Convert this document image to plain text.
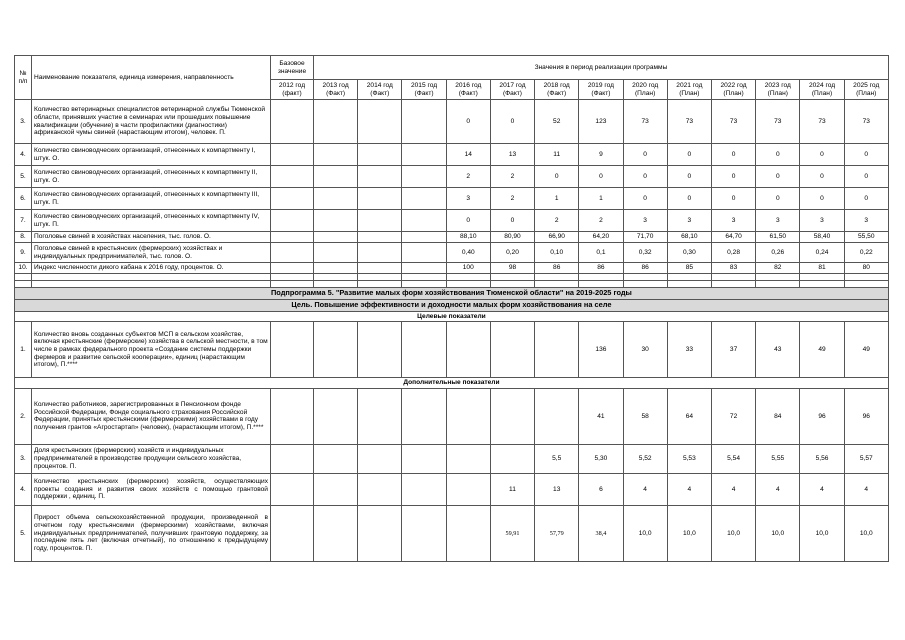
№ п/п	Наименование показателя, единица измерения, направленность	Базовое значение	Значения в период реализации программы												
		2012 год (факт)	2013 год (Факт)	2014 год (Факт)	2015 год (Факт)	2016 год (Факт)	2017 год (Факт)	2018 год (Факт)	2019 год (Факт)	2020 год (План)	2021 год (План)	2022 год (План)	2023 год (План)	2024 год (План)	2025 год (План)
3.	Количество ветеринарных специалистов ветеринарной службы Тюменской области, принявших участие в семинарах или прошедших повышение квалификации (обучение) в части профилактики (диагностики) африканской чумы свиней (нарастающим итогом), человек. П.					0	0	52	123	73	73	73	73	73	73
4.	Количество свиноводческих организаций, отнесенных к компартменту I, штук. О.					14	13	11	9	0	0	0	0	0	0
5.	Количество свиноводческих организаций, отнесенных к компартменту II, штук. О.					2	2	0	0	0	0	0	0	0	0
6.	Количество свиноводческих организаций, отнесенных к компартменту III, штук. П.					3	2	1	1	0	0	0	0	0	0
7.	Количество свиноводческих организаций, отнесенных к компартменту IV, штук. П.					0	0	2	2	3	3	3	3	3	3
8.	Поголовье свиней в хозяйствах населения, тыс. голов. О.					88,10	80,90	66,90	64,20	71,70	68,10	64,70	61,50	58,40	55,50
9.	Поголовье свиней в крестьянских (фермерских) хозяйствах и индивидуальных предпринимателей, тыс. голов. О.					0,40	0,20	0,10	0,1	0,32	0,30	0,28	0,26	0,24	0,22
10.	Индекс численности дикого кабана к 2016 году, процентов. О.					100	98	86	86	86	85	83	82	81	80

Подпрограмма 5. "Развитие малых форм хозяйствования Тюменской области" на 2019-2025 годы															
Цель. Повышение эффективности и доходности малых форм хозяйствования на селе															
Целевые показатели															
1.	Количество вновь созданных субъектов МСП в сельском хозяйстве, включая крестьянские (фермерские) хозяйства в сельской местности, в том числе в рамках федерального проекта «Создание системы поддержки фермеров и развитие сельской кооперации», единиц (нарастающим итогом), П.****								136	30	33	37	43	49	49
Дополнительные показатели															
2.	Количество работников, зарегистрированных в Пенсионном фонде Российской Федерации, Фонде социального страхования Российской Федерации, принятых крестьянскими (фермерскими) хозяйствами в году получения грантов «Агростартап» (человек), (нарастающим итогом), П.****								41	58	64	72	84	96	96
3.	Доля крестьянских (фермерских) хозяйств и индивидуальных предпринимателей в производстве продукции сельского хозяйства, процентов. П.							5,5	5,30	5,52	5,53	5,54	5,55	5,56	5,57
4.	Количество крестьянских (фермерских) хозяйств, осуществляющих проекты создания и развития своих хозяйств с помощью грантовой поддержки , единиц. П.						11	13	6	4	4	4	4	4	4
5.	Прирост объема сельскохозяйственной продукции, произведенной в отчетном году крестьянскими (фермерскими) хозяйствами, включая индивидуальных предпринимателей, получивших грантовую поддержку, за последние пять лет (включая отчетный), по отношению к предыдущему году, процентов. П.						59,91	57,79	38,4	10,0	10,0	10,0	10,0	10,0	10,0
